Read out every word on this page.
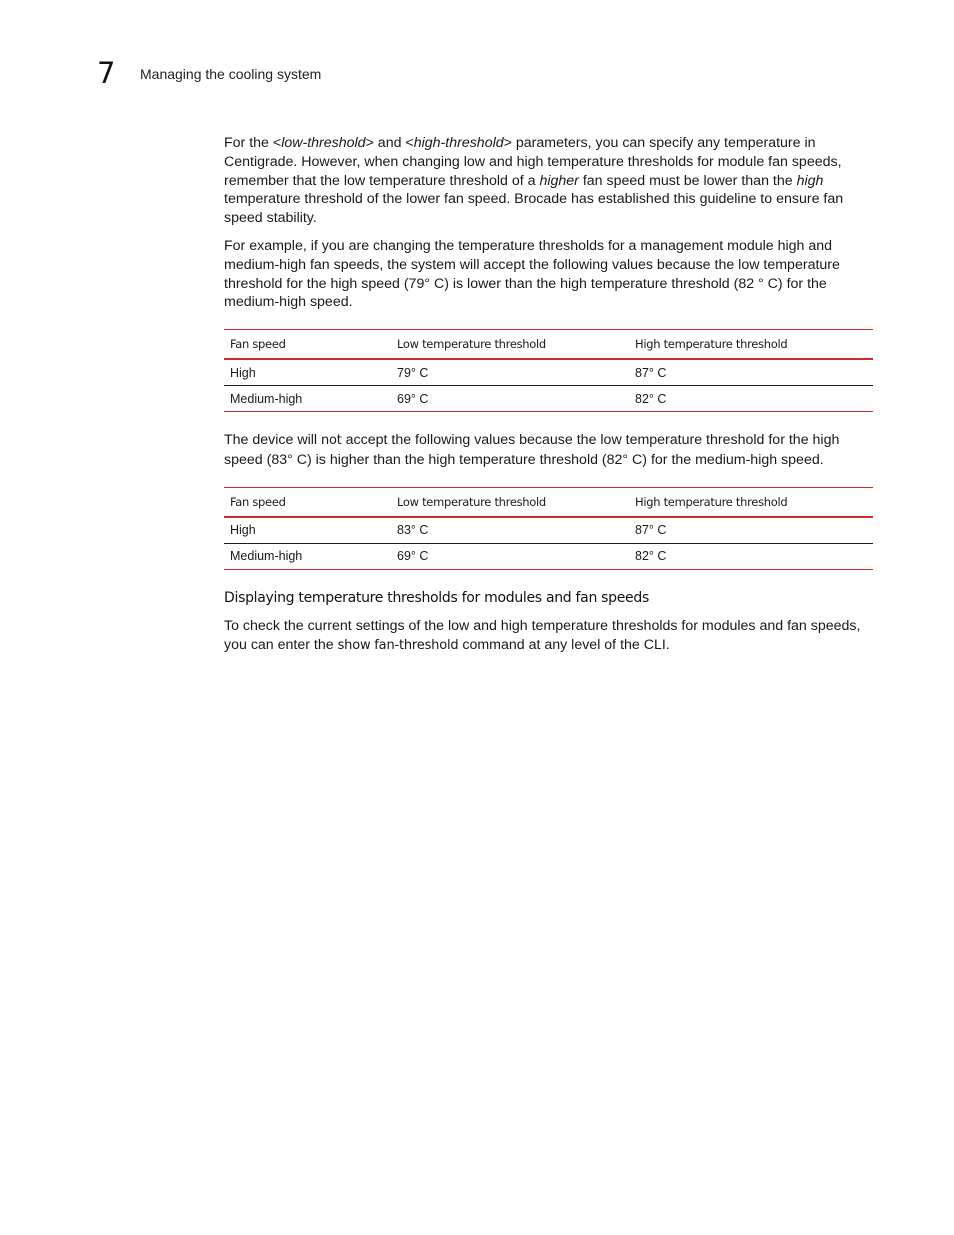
7	Managing the cooling system

For the <low-threshold> and <high-threshold> parameters, you can specify any temperature in Centigrade. However, when changing low and high temperature thresholds for module fan speeds, remember that the low temperature threshold of a higher fan speed must be lower than the high temperature threshold of the lower fan speed. Brocade has established this guideline to ensure fan speed stability.

For example, if you are changing the temperature thresholds for a management module high and medium-high fan speeds, the system will accept the following values because the low temperature threshold for the high speed (79° C) is lower than the high temperature threshold (82 ° C) for the medium-high speed.

Fan speed	Low temperature threshold	High temperature threshold
High	79° C	87° C
Medium-high	69° C	82° C

The device will not accept the following values because the low temperature threshold for the high speed (83° C) is higher than the high temperature threshold (82° C) for the medium-high speed.

Fan speed	Low temperature threshold	High temperature threshold
High	83° C	87° C
Medium-high	69° C	82° C
Displaying temperature thresholds for modules and fan speeds

To check the current settings of the low and high temperature thresholds for modules and fan speeds, you can enter the show fan-threshold command at any level of the CLI.
